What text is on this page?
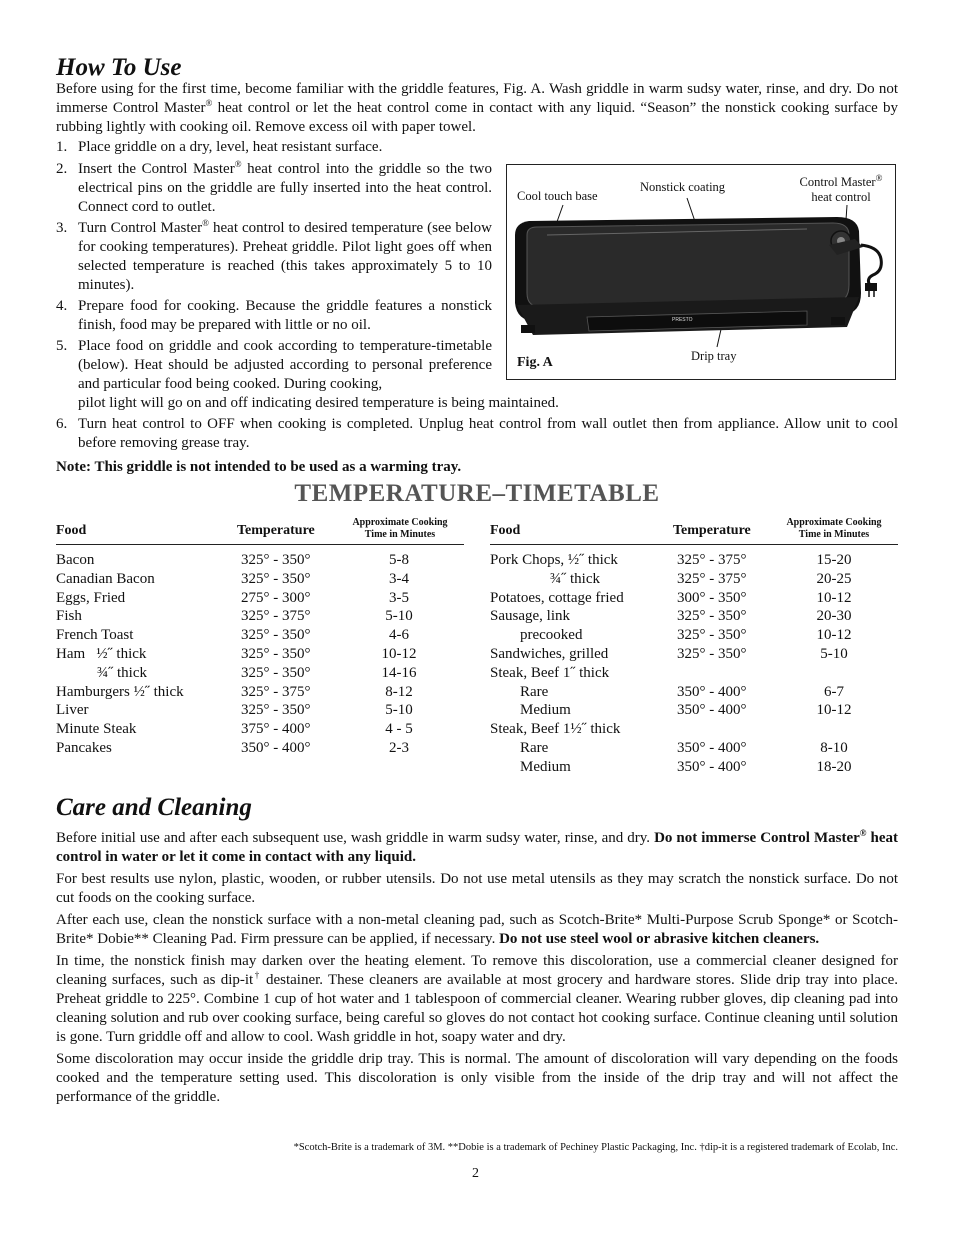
How To Use

Before using for the first time, become familiar with the griddle features, Fig. A. Wash griddle in warm sudsy water, rinse, and dry. Do not immerse Control Master® heat control or let the heat control come in contact with any liquid. “Season” the nonstick cooking surface by rubbing lightly with cooking oil. Remove excess oil with paper towel.

1. Place griddle on a dry, level, heat resistant surface.
2. Insert the Control Master® heat control into the griddle so the two electrical pins on the griddle are fully inserted into the heat control. Connect cord to outlet.
3. Turn Control Master® heat control to desired temperature (see below for cooking temperatures). Preheat griddle. Pilot light goes off when selected temperature is reached (this takes approximately 5 to 10 minutes).
4. Prepare food for cooking. Because the griddle features a nonstick finish, food may be prepared with little or no oil.
5. Place food on griddle and cook according to temperature-timetable (below). Heat should be adjusted according to personal preference and particular food being cooked. During cooking,
pilot light will go on and off indicating desired temperature is being maintained.
6. Turn heat control to OFF when cooking is completed. Unplug heat control from wall outlet then from appliance. Allow unit to cool before removing grease tray.
Note: This griddle is not intended to be used as a warming tray.
Cool touch base
Nonstick coating	Control Master®
heat control
Drip tray
Fig. A
PRESTO
TEMPERATURE–TIMETABLE
Food	Temperature
Approximate Cooking
Time in Minutes
Bacon	325° - 350°	5-8
Canadian Bacon	325° - 350°	3-4
Eggs, Fried	275° - 300°	3-5
Fish	325° - 375°	5-10
French Toast	325° - 350°	4-6
Ham   ½˝ thick	325° - 350°	10-12
¾˝ thick	325° - 350°	14-16
Hamburgers ½˝ thick	325° - 375°	8-12
Liver	325° - 350°	5-10
Minute Steak	375° - 400°	4 - 5
Pancakes	350° - 400°	2-3
Food	Temperature
Approximate Cooking
Time in Minutes
Pork Chops, ½˝ thick	325° - 375°	15-20
¾˝ thick	325° - 375°	20-25
Potatoes, cottage fried	300° - 350°	10-12
Sausage, link	325° - 350°	20-30
precooked	325° - 350°	10-12
Sandwiches, grilled	325° - 350°	5-10
Steak, Beef 1˝ thick
Rare	350° - 400°	6-7
Medium	350° - 400°	10-12
Steak, Beef 1½˝ thick
Rare	350° - 400°	8-10
Medium	350° - 400°	18-20
Care and Cleaning

Before initial use and after each subsequent use, wash griddle in warm sudsy water, rinse, and dry. Do not immerse Control Master® heat control in water or let it come in contact with any liquid.

For best results use nylon, plastic, wooden, or rubber utensils. Do not use metal utensils as they may scratch the nonstick surface. Do not cut foods on the cooking surface.

After each use, clean the nonstick surface with a non-metal cleaning pad, such as Scotch-Brite* Multi-Purpose Scrub Sponge* or Scotch-Brite* Dobie** Cleaning Pad. Firm pressure can be applied, if necessary. Do not use steel wool or abrasive kitchen cleaners.

In time, the nonstick finish may darken over the heating element. To remove this discoloration, use a commercial cleaner designed for cleaning surfaces, such as dip-it† destainer. These cleaners are available at most grocery and hardware stores. Slide drip tray into place. Preheat griddle to 225°. Combine 1 cup of hot water and 1 tablespoon of commercial cleaner. Wearing rubber gloves, dip cleaning pad into cleaning solution and rub over cooking surface, being careful so gloves do not contact hot cooking surface. Continue cleaning until solution is gone. Turn griddle off and allow to cool. Wash griddle in hot, soapy water and dry.

Some discoloration may occur inside the griddle drip tray. This is normal. The amount of discoloration will vary depending on the foods cooked and the temperature setting used. This discoloration is only visible from the inside of the drip tray and will not affect the performance of the griddle.

*Scotch-Brite is a trademark of 3M. **Dobie is a trademark of Pechiney Plastic Packaging, Inc. †dip-it is a registered trademark of Ecolab, Inc.
2
